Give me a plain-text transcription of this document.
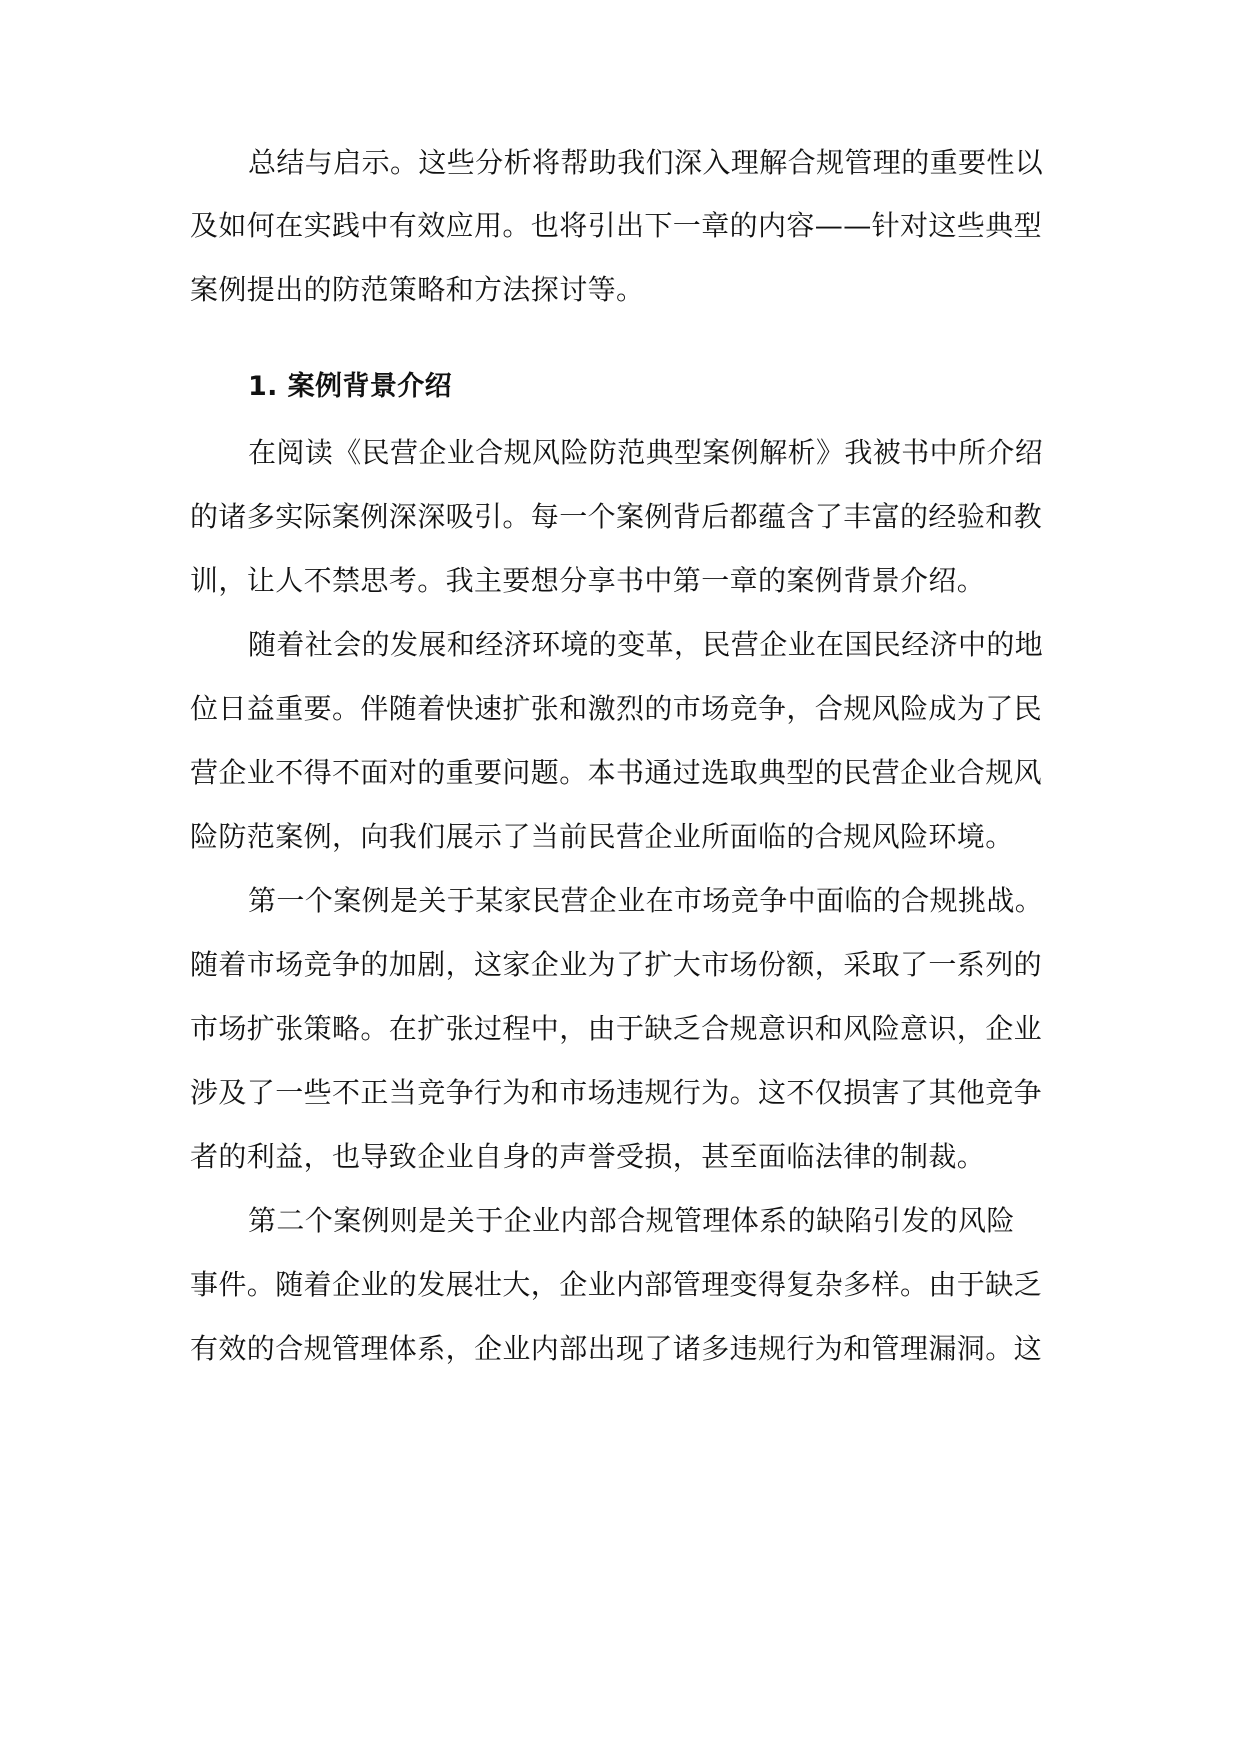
总结与启示。这些分析将帮助我们深入理解合规管理的重要性以
及如何在实践中有效应用。也将引出下一章的内容——针对这些典型
案例提出的防范策略和方法探讨等。
1. 案例背景介绍
在阅读《民营企业合规风险防范典型案例解析》我被书中所介绍
的诸多实际案例深深吸引。每一个案例背后都蕴含了丰富的经验和教
训，让人不禁思考。我主要想分享书中第一章的案例背景介绍。
随着社会的发展和经济环境的变革，民营企业在国民经济中的地
位日益重要。伴随着快速扩张和激烈的市场竞争，合规风险成为了民
营企业不得不面对的重要问题。本书通过选取典型的民营企业合规风
险防范案例，向我们展示了当前民营企业所面临的合规风险环境。
第一个案例是关于某家民营企业在市场竞争中面临的合规挑战。
随着市场竞争的加剧，这家企业为了扩大市场份额，采取了一系列的
市场扩张策略。在扩张过程中，由于缺乏合规意识和风险意识，企业
涉及了一些不正当竞争行为和市场违规行为。这不仅损害了其他竞争
者的利益，也导致企业自身的声誉受损，甚至面临法律的制裁。
第二个案例则是关于企业内部合规管理体系的缺陷引发的风险
事件。随着企业的发展壮大，企业内部管理变得复杂多样。由于缺乏
有效的合规管理体系，企业内部出现了诸多违规行为和管理漏洞。这
